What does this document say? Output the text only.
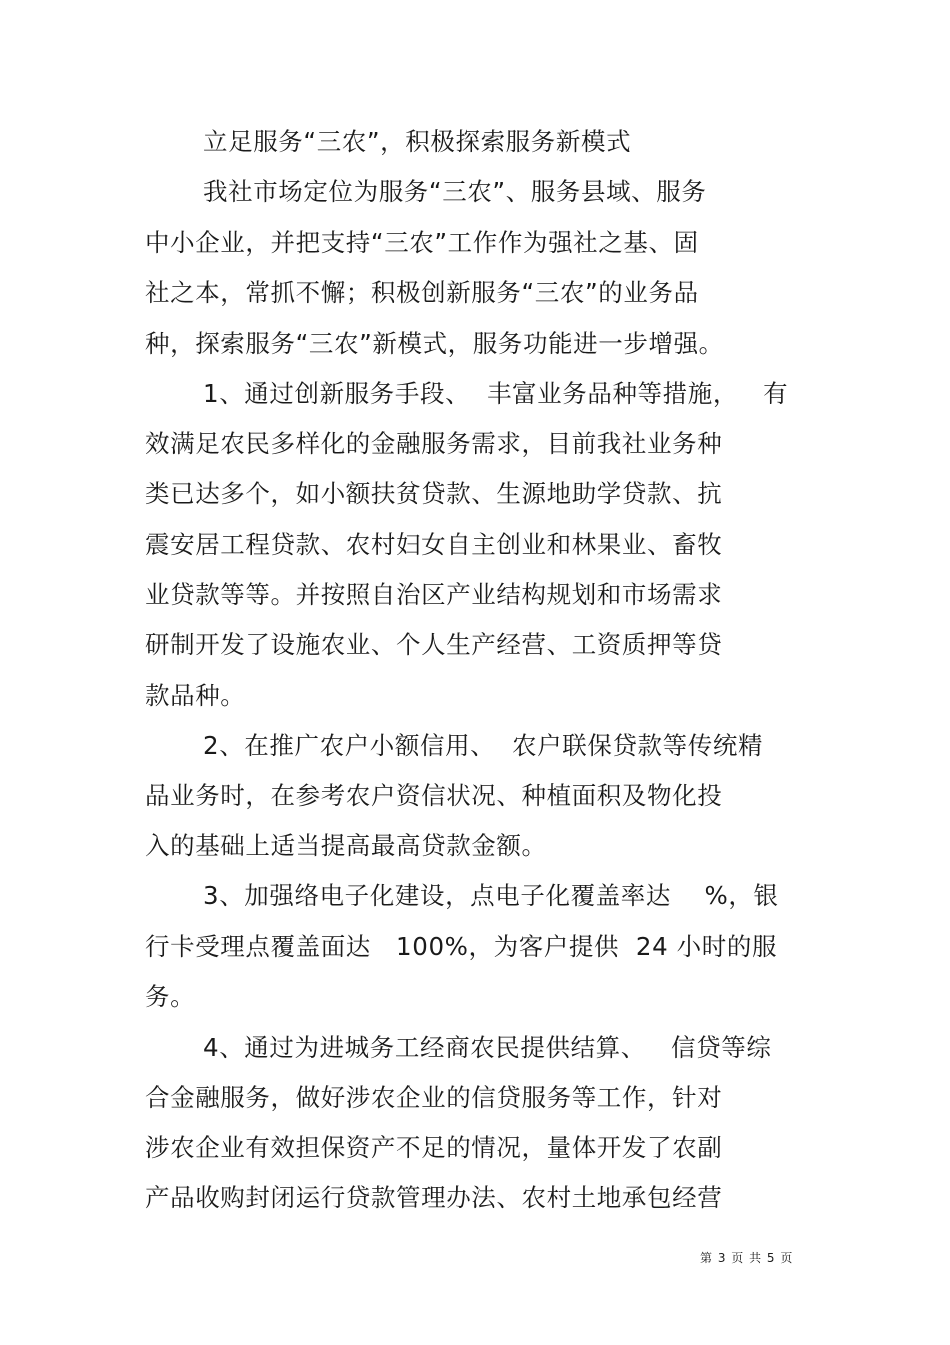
立足服务“三农”，积极探索服务新模式
我社市场定位为服务“三农”、服务县域、服务
中小企业，并把支持“三农”工作作为强社之基、固
社之本，常抓不懈；积极创新服务“三农”的业务品
种，探索服务“三农”新模式，服务功能进一步增强。
1、通过创新服务手段、  丰富业务品种等措施，   有
效满足农民多样化的金融服务需求，目前我社业务种
类已达多个，如小额扶贫贷款、生源地助学贷款、抗
震安居工程贷款、农村妇女自主创业和林果业、畜牧
业贷款等等。并按照自治区产业结构规划和市场需求
研制开发了设施农业、个人生产经营、工资质押等贷
款品种。
2、在推广农户小额信用、  农户联保贷款等传统精
品业务时，在参考农户资信状况、种植面积及物化投
入的基础上适当提高最高贷款金额。
3、加强络电子化建设，点电子化覆盖率达    %，银
行卡受理点覆盖面达   100%，为客户提供  24 小时的服
务。
4、通过为进城务工经商农民提供结算、   信贷等综
合金融服务，做好涉农企业的信贷服务等工作，针对
涉农企业有效担保资产不足的情况，量体开发了农副
产品收购封闭运行贷款管理办法、农村土地承包经营
第 3 页 共 5 页
